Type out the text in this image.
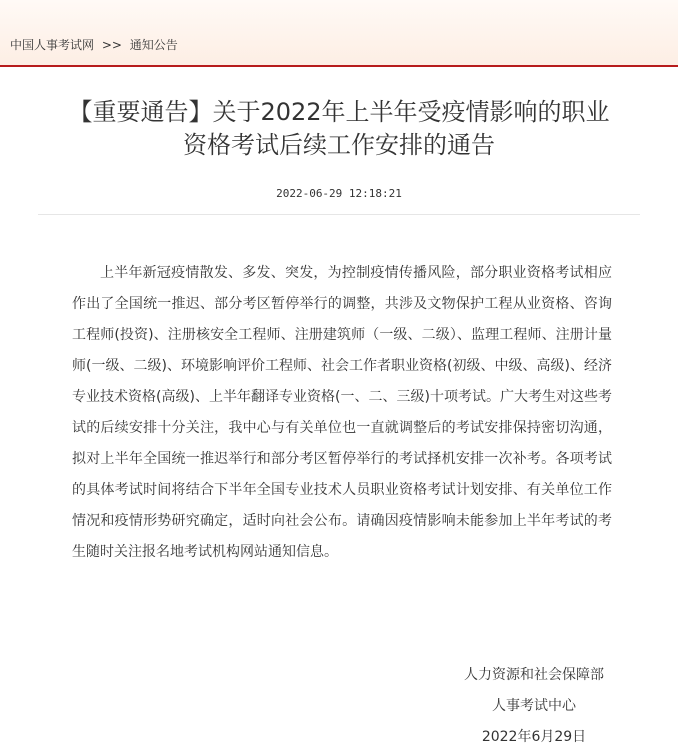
中国人事考试网 >> 通知公告
【重要通告】关于2022年上半年受疫情影响的职业
资格考试后续工作安排的通告
2022-06-29 12:18:21

上半年新冠疫情散发、多发、突发，为控制疫情传播风险，部分职业资格考试相应作出了全国统一推迟、部分考区暂停举行的调整，共涉及文物保护工程从业资格、咨询工程师(投资)、注册核安全工程师、注册建筑师（一级、二级）、监理工程师、注册计量师(一级、二级)、环境影响评价工程师、社会工作者职业资格(初级、中级、高级)、经济专业技术资格(高级)、上半年翻译专业资格(一、二、三级)十项考试。广大考生对这些考试的后续安排十分关注，我中心与有关单位也一直就调整后的考试安排保持密切沟通，拟对上半年全国统一推迟举行和部分考区暂停举行的考试择机安排一次补考。各项考试的具体考试时间将结合下半年全国专业技术人员职业资格考试计划安排、有关单位工作情况和疫情形势研究确定，适时向社会公布。请确因疫情影响未能参加上半年考试的考生随时关注报名地考试机构网站通知信息。

人力资源和社会保障部
人事考试中心
2022年6月29日
